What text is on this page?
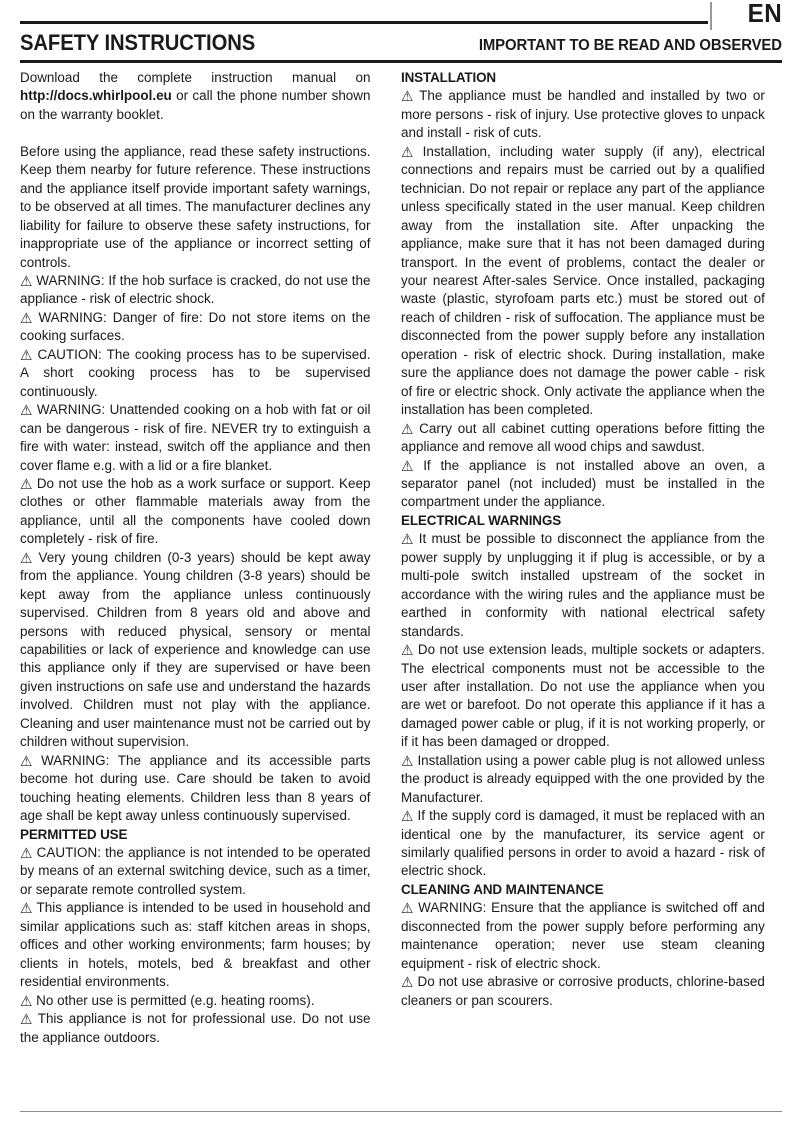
EN
SAFETY INSTRUCTIONS	IMPORTANT TO BE READ AND OBSERVED

Download the complete instruction manual on http://docs.whirlpool.eu or call the phone number shown on the warranty booklet.

Before using the appliance, read these safety instructions. Keep them nearby for future reference. These instructions and the appliance itself provide important safety warnings, to be observed at all times. The manufacturer declines any liability for failure to observe these safety instructions, for inappropriate use of the appliance or incorrect setting of controls.

⚠ WARNING: If the hob surface is cracked, do not use the appliance - risk of electric shock.

⚠ WARNING: Danger of fire: Do not store items on the cooking surfaces.

⚠ CAUTION: The cooking process has to be supervised. A short cooking process has to be supervised continuously.

⚠ WARNING: Unattended cooking on a hob with fat or oil can be dangerous - risk of fire. NEVER try to extinguish a fire with water: instead, switch off the appliance and then cover flame e.g. with a lid or a fire blanket.

⚠ Do not use the hob as a work surface or support. Keep clothes or other flammable materials away from the appliance, until all the components have cooled down completely - risk of fire.

⚠ Very young children (0-3 years) should be kept away from the appliance. Young children (3-8 years) should be kept away from the appliance unless continuously supervised. Children from 8 years old and above and persons with reduced physical, sensory or mental capabilities or lack of experience and knowledge can use this appliance only if they are supervised or have been given instructions on safe use and understand the hazards involved. Children must not play with the appliance. Cleaning and user maintenance must not be carried out by children without supervision.

⚠ WARNING: The appliance and its accessible parts become hot during use. Care should be taken to avoid touching heating elements. Children less than 8 years of age shall be kept away unless continuously supervised.

PERMITTED USE

⚠ CAUTION: the appliance is not intended to be operated by means of an external switching device, such as a timer, or separate remote controlled system.

⚠ This appliance is intended to be used in household and similar applications such as: staff kitchen areas in shops, offices and other working environments; farm houses; by clients in hotels, motels, bed & breakfast and other residential environments.

⚠ No other use is permitted (e.g. heating rooms).

⚠ This appliance is not for professional use. Do not use the appliance outdoors.

INSTALLATION

⚠ The appliance must be handled and installed by two or more persons - risk of injury. Use protective gloves to unpack and install - risk of cuts.

⚠ Installation, including water supply (if any), electrical connections and repairs must be carried out by a qualified technician. Do not repair or replace any part of the appliance unless specifically stated in the user manual. Keep children away from the installation site. After unpacking the appliance, make sure that it has not been damaged during transport. In the event of problems, contact the dealer or your nearest After-sales Service. Once installed, packaging waste (plastic, styrofoam parts etc.) must be stored out of reach of children - risk of suffocation. The appliance must be disconnected from the power supply before any installation operation - risk of electric shock. During installation, make sure the appliance does not damage the power cable - risk of fire or electric shock. Only activate the appliance when the installation has been completed.

⚠ Carry out all cabinet cutting operations before fitting the appliance and remove all wood chips and sawdust.

⚠ If the appliance is not installed above an oven, a separator panel (not included) must be installed in the compartment under the appliance.

ELECTRICAL WARNINGS

⚠ It must be possible to disconnect the appliance from the power supply by unplugging it if plug is accessible, or by a multi-pole switch installed upstream of the socket in accordance with the wiring rules and the appliance must be earthed in conformity with national electrical safety standards.

⚠ Do not use extension leads, multiple sockets or adapters. The electrical components must not be accessible to the user after installation. Do not use the appliance when you are wet or barefoot. Do not operate this appliance if it has a damaged power cable or plug, if it is not working properly, or if it has been damaged or dropped.

⚠ Installation using a power cable plug is not allowed unless the product is already equipped with the one provided by the Manufacturer.

⚠ If the supply cord is damaged, it must be replaced with an identical one by the manufacturer, its service agent or similarly qualified persons in order to avoid a hazard - risk of electric shock.

CLEANING AND MAINTENANCE

⚠ WARNING: Ensure that the appliance is switched off and disconnected from the power supply before performing any maintenance operation; never use steam cleaning equipment - risk of electric shock.

⚠ Do not use abrasive or corrosive products, chlorine-based cleaners or pan scourers.
